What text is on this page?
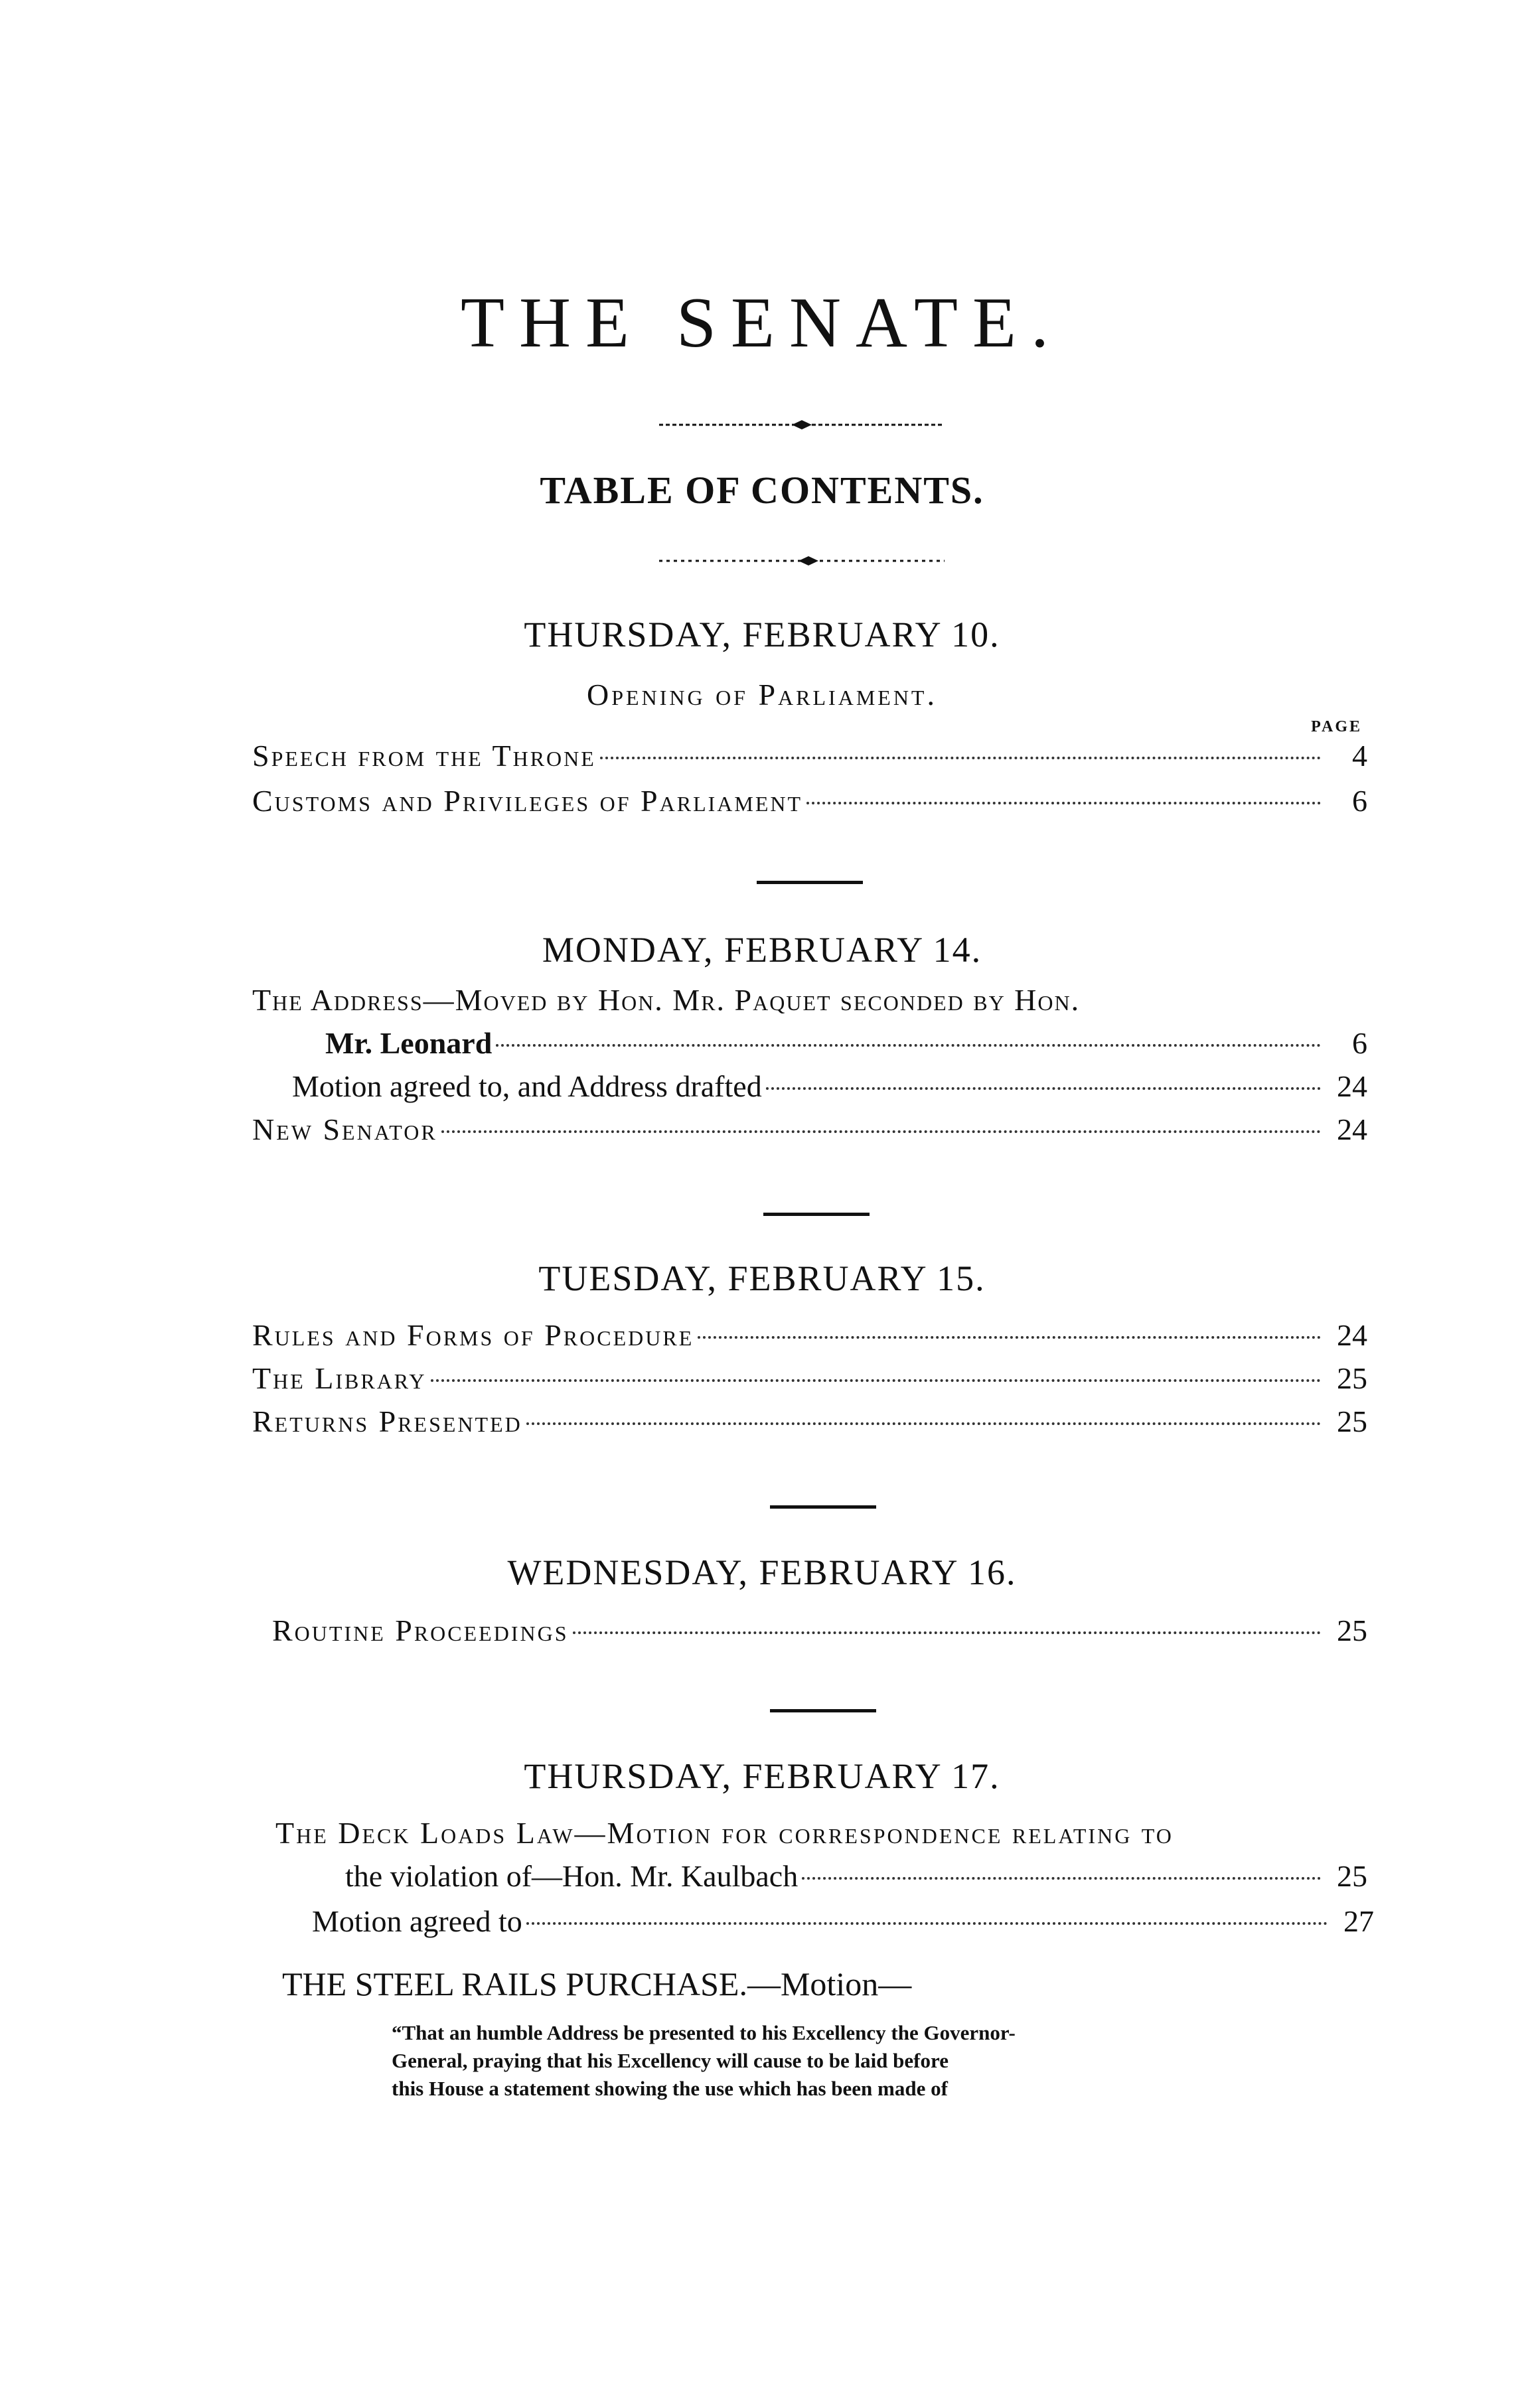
THE SENATE.
TABLE OF CONTENTS.
THURSDAY, FEBRUARY 10.
Opening of Parliament.
PAGE
Speech from the Throne	4
Customs and Privileges of Parliament	6
MONDAY, FEBRUARY 14.
The Address—Moved by Hon. Mr. Paquet seconded by Hon.
Mr. Leonard	6
Motion agreed to, and Address drafted	24
New Senator	24
TUESDAY, FEBRUARY 15.
Rules and Forms of Procedure	24
The Library	25
Returns Presented	25
WEDNESDAY, FEBRUARY 16.
Routine Proceedings	25
THURSDAY, FEBRUARY 17.
The Deck Loads Law—Motion for correspondence relating to
the violation of—Hon. Mr. Kaulbach	25
Motion agreed to	27
THE STEEL RAILS PURCHASE.—Motion—
“That an humble Address be presented to his Excellency the Governor-
General, praying that his Excellency will cause to be laid before
this House a statement showing the use which has been made of
